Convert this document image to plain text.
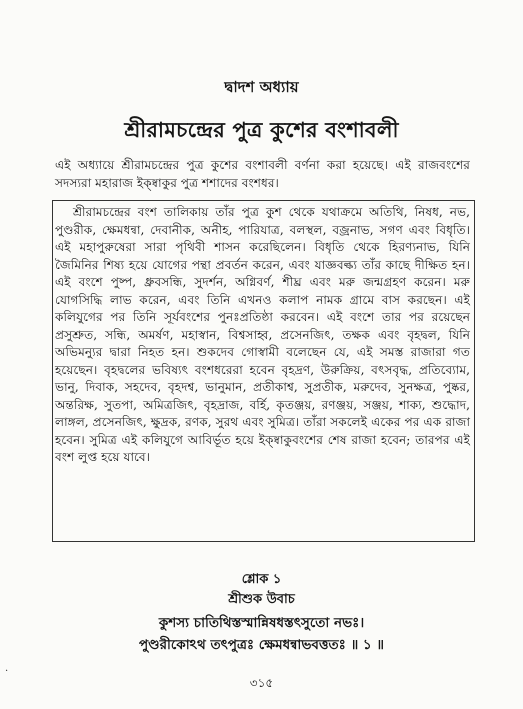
দ্বাদশ অধ্যায়
শ্রীরামচন্দ্রের পুত্র কুশের বংশাবলী
এই অধ্যায়ে শ্রীরামচন্দ্রের পুত্র কুশের বংশাবলী বর্ণনা করা হয়েছে। এই রাজবংশের সদস্যরা মহারাজ ইক্ষ্বাকুর পুত্র শশাদের বংশধর।

শ্রীরামচন্দ্রের বংশ তালিকায় তাঁর পুত্র কুশ থেকে যথাক্রমে অতিথি, নিষধ, নভ, পুণ্ডরীক, ক্ষেমধন্বা, দেবানীক, অনীহ, পারিযাত্র, বলস্থল, বজ্রনাভ, সগণ এবং বিধৃতি। এই মহাপুরুষেরা সারা পৃথিবী শাসন করেছিলেন। বিধৃতি থেকে হিরণ্যনাভ, যিনি জৈমিনির শিষ্য হয়ে যোগের পন্থা প্রবর্তন করেন, এবং যাজ্ঞবল্ক্য তাঁর কাছে দীক্ষিত হন। এই বংশে পুষ্প, ধ্রুবসন্ধি, সুদর্শন, অগ্নিবর্ণ, শীঘ্র এবং মরু জন্মগ্রহণ করেন। মরু যোগসিদ্ধি লাভ করেন, এবং তিনি এখনও কলাপ নামক গ্রামে বাস করছেন। এই কলিযুগের পর তিনি সূর্যবংশের পুনঃপ্রতিষ্ঠা করবেন। এই বংশে তার পর রয়েছেন প্রসুশ্রুত, সন্ধি, অমর্ষণ, মহাস্বান, বিশ্বসাহ্ব, প্রসেনজিৎ, তক্ষক এবং বৃহদ্বল, যিনি অভিমন্যুর দ্বারা নিহত হন। শুকদেব গোস্বামী বলেছেন যে, এই সমস্ত রাজারা গত হয়েছেন। বৃহদ্বলের ভবিষ্যৎ বংশধরেরা হবেন বৃহদ্রণ, উরুক্রিয়, বৎসবৃদ্ধ, প্রতিব্যোম, ভানু, দিবাক, সহদেব, বৃহদশ্ব, ভানুমান, প্রতীকাশ্ব, সুপ্রতীক, মরুদেব, সুনক্ষত্র, পুষ্কর, অন্তরিক্ষ, সুতপা, অমিত্রজিৎ, বৃহদ্রাজ, বর্হি, কৃতঞ্জয়, রণঞ্জয়, সঞ্জয়, শাক্য, শুদ্ধোদ, লাঙ্গল, প্রসেনজিৎ, ক্ষুদ্রক, রণক, সুরথ এবং সুমিত্র। তাঁরা সকলেই একের পর এক রাজা হবেন। সুমিত্র এই কলিযুগে আবির্ভূত হয়ে ইক্ষ্বাকুবংশের শেষ রাজা হবেন; তারপর এই বংশ লুপ্ত হয়ে যাবে।

শ্লোক ১
শ্রীশুক উবাচ
কুশস্য চাতিথিস্তস্মান্নিষধস্তৎসুতো নভঃ।
পুণ্ডরীকোঽথ তৎপুত্রঃ ক্ষেমধন্বাভবত্ততঃ ॥ ১ ॥
৩১৫
.
